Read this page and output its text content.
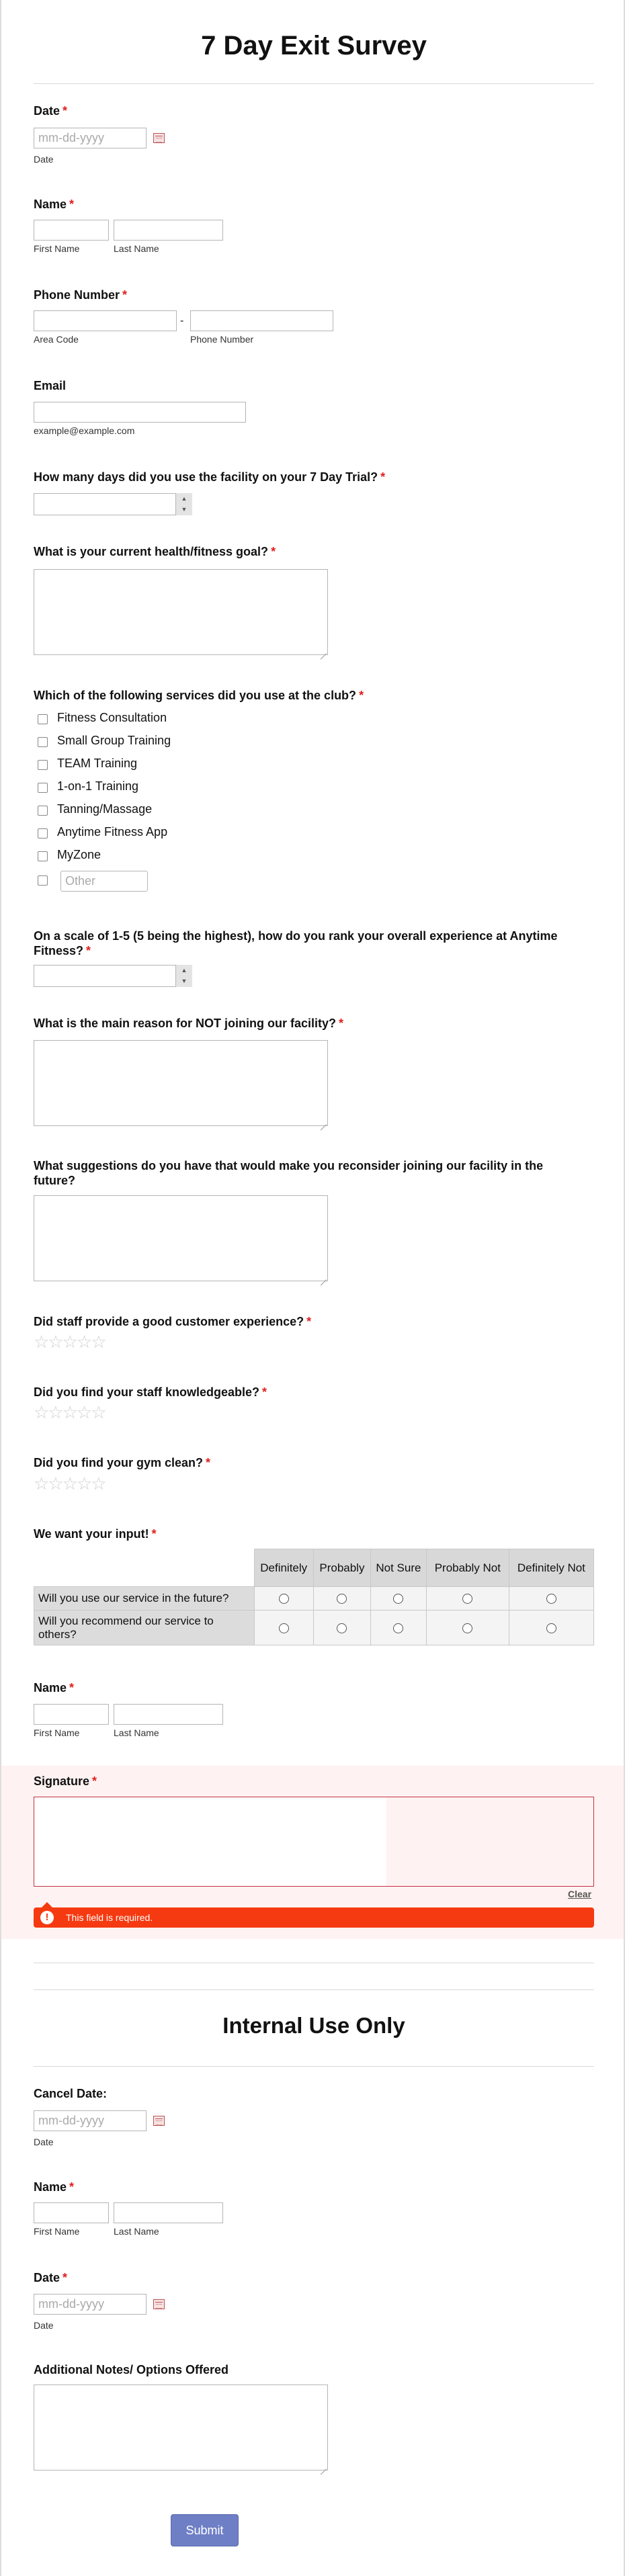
7 Day Exit Survey
Date *
mm-dd-yyyy
Date
Name *
First Name	Last Name
Phone Number *
-
Area Code	Phone Number
Email
example@example.com
How many days did you use the facility on your 7 Day Trial? *
▲
▼
What is your current health/fitness goal? *
Which of the following services did you use at the club? *
Fitness Consultation
Small Group Training
TEAM Training
1-on-1 Training
Tanning/Massage
Anytime Fitness App
MyZone
Other
On a scale of 1-5 (5 being the highest), how do you rank your overall experience at Anytime
Fitness? *
▲
▼
What is the main reason for NOT joining our facility? *
What suggestions do you have that would make you reconsider joining our facility in the
future?
Did staff provide a good customer experience? *
☆☆☆☆☆
Did you find your staff knowledgeable? *
☆☆☆☆☆
Did you find your gym clean? *
☆☆☆☆☆
We want your input! *
	Definitely	Probably	Not Sure	Probably Not	Definitely Not
Will you use our service in the future?					
Will you recommend our service to others?					
Name *
First Name	Last Name
Signature *
Clear
!	This field is required.
Internal Use Only
Cancel Date:
mm-dd-yyyy
Date
Name *
First Name	Last Name
Date *
mm-dd-yyyy
Date
Additional Notes/ Options Offered
Submit
